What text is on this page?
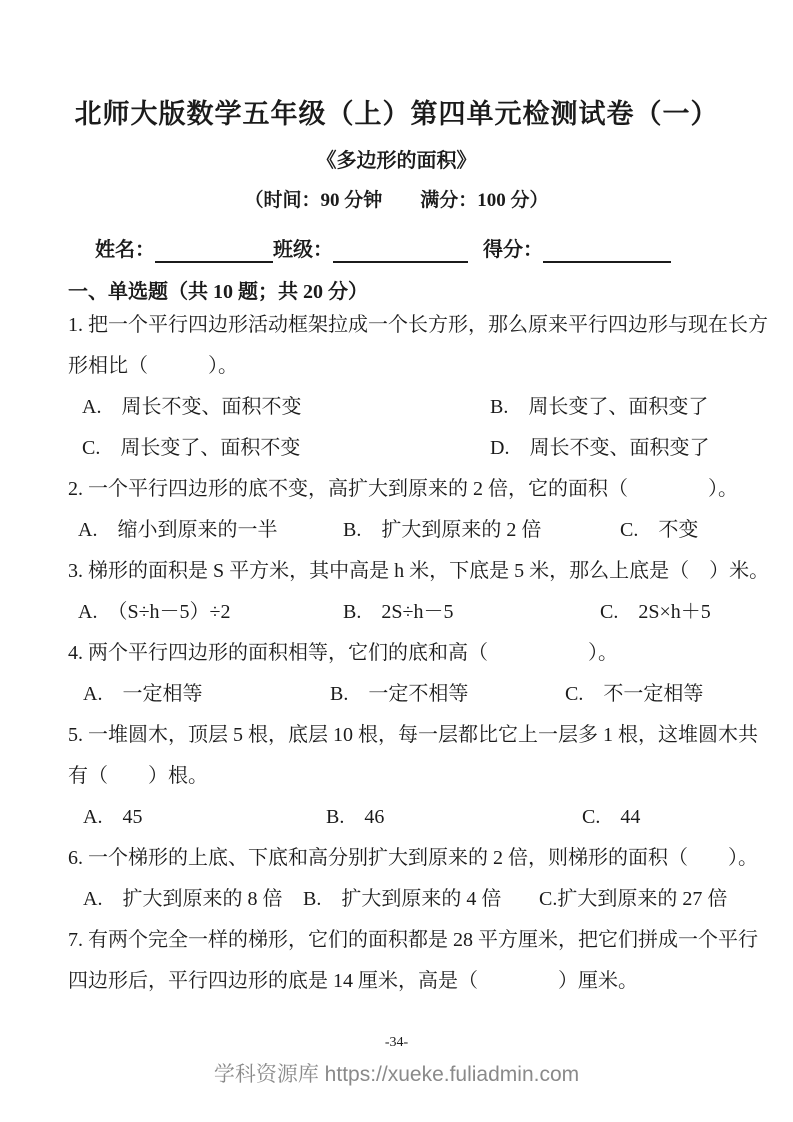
北师大版数学五年级（上）第四单元检测试卷（一）
《多边形的面积》
（时间：90 分钟　　满分：100 分）
姓名：	班级：	得分：
一、单选题（共 10 题；共 20 分）
1. 把一个平行四边形活动框架拉成一个长方形，那么原来平行四边形与现在长方
形相比（　　　）。
A.　周长不变、面积不变	B.　周长变了、面积变了
C.　周长变了、面积不变	D.　周长不变、面积变了
2. 一个平行四边形的底不变，高扩大到原来的 2 倍，它的面积（　　　　）。
A.　缩小到原来的一半	B.　扩大到原来的 2 倍	C.　不变
3. 梯形的面积是 S 平方米，其中高是 h 米，下底是 5 米，那么上底是（　）米。
A.　（S÷h－5）÷2	B.　2S÷h－5	C.　2S×h＋5
4. 两个平行四边形的面积相等，它们的底和高（　　　　　）。
A.　一定相等	B.　一定不相等	C.　不一定相等
5. 一堆圆木，顶层 5 根，底层 10 根，每一层都比它上一层多 1 根，这堆圆木共
有（　　）根。
A.　45	B.　46	C.　44
6. 一个梯形的上底、下底和高分别扩大到原来的 2 倍，则梯形的面积（　　）。
A.　扩大到原来的 8 倍 B.　扩大到原来的 4 倍 C.扩大到原来的 27 倍
7. 有两个完全一样的梯形，它们的面积都是 28 平方厘米，把它们拼成一个平行
四边形后，平行四边形的底是 14 厘米，高是（　　　　）厘米。
-34-
学科资源库 https://xueke.fuliadmin.com
